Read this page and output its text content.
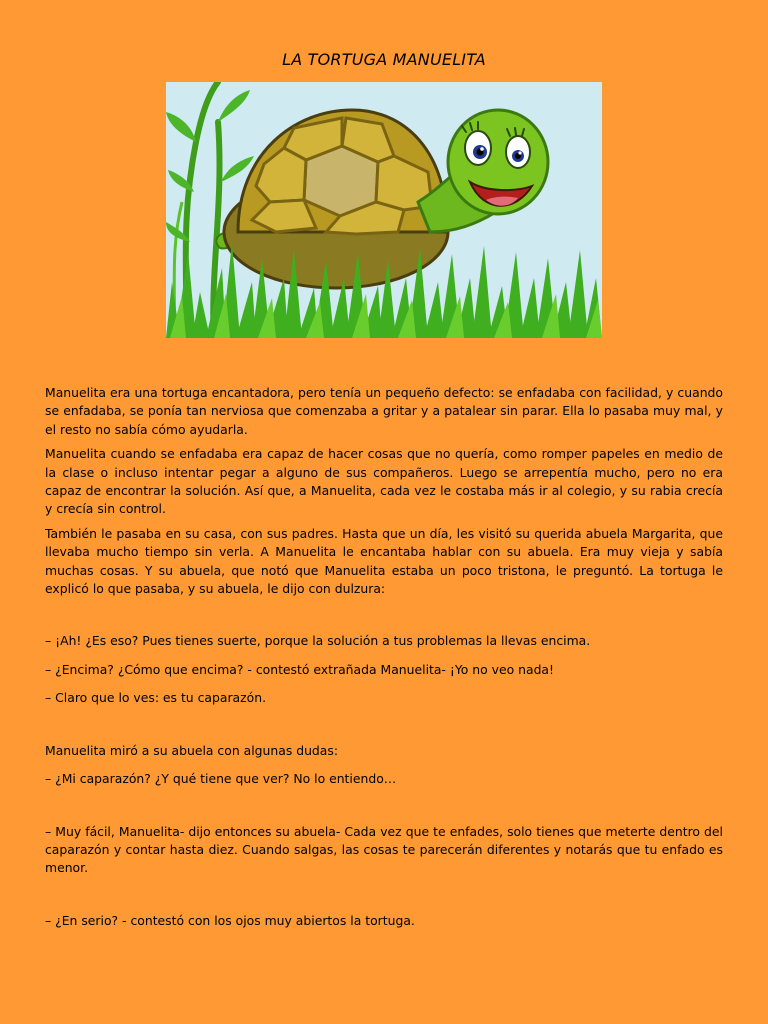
LA TORTUGA MANUELITA

Manuelita era una tortuga encantadora, pero tenía un pequeño defecto: se enfadaba con facilidad, y cuando se enfadaba, se ponía tan nerviosa que comenzaba a gritar y a patalear sin parar. Ella lo pasaba muy mal, y el resto no sabía cómo ayudarla.

Manuelita cuando se enfadaba era capaz de hacer cosas que no quería, como romper papeles en medio de la clase o incluso intentar pegar a alguno de sus compañeros. Luego se arrepentía mucho, pero no era capaz de encontrar la solución. Así que, a Manuelita, cada vez le costaba más ir al colegio, y su rabia crecía y crecía sin control.

También le pasaba en su casa, con sus padres. Hasta que un día, les visitó su querida abuela Margarita, que llevaba mucho tiempo sin verla. A Manuelita le encantaba hablar con su abuela. Era muy vieja y sabía muchas cosas. Y su abuela, que notó que Manuelita estaba un poco tristona, le preguntó. La tortuga le explicó lo que pasaba, y su abuela, le dijo con dulzura:

– ¡Ah! ¿Es eso? Pues tienes suerte, porque la solución a tus problemas la llevas encima.

– ¿Encima? ¿Cómo que encima? - contestó extrañada Manuelita- ¡Yo no veo nada!

– Claro que lo ves: es tu caparazón.

Manuelita miró a su abuela con algunas dudas:

– ¿Mi caparazón? ¿Y qué tiene que ver? No lo entiendo…

– Muy fácil, Manuelita- dijo entonces su abuela- Cada vez que te enfades, solo tienes que meterte dentro del caparazón y contar hasta diez. Cuando salgas, las cosas te parecerán diferentes y notarás que tu enfado es menor.

– ¿En serio? - contestó con los ojos muy abiertos la tortuga.
